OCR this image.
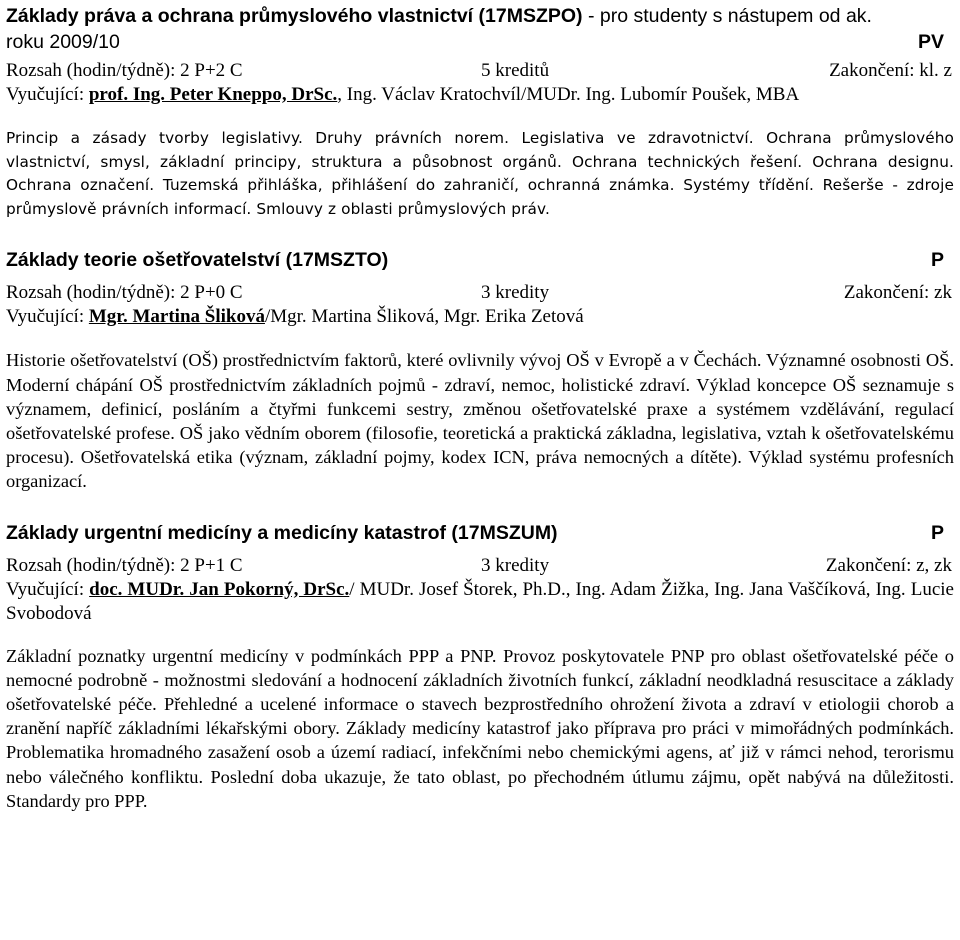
Základy práva a ochrana průmyslového vlastnictví (17MSZPO) - pro studenty s nástupem od ak. roku 2009/10	PV
Rozsah (hodin/týdně): 2 P+2 C	5 kreditů	Zakončení: kl. z
Vyučující: prof. Ing. Peter Kneppo, DrSc., Ing. Václav Kratochvíl/MUDr. Ing. Lubomír Poušek, MBA
Princip a zásady tvorby legislativy. Druhy právních norem. Legislativa ve zdravotnictví. Ochrana průmyslového vlastnictví, smysl, základní principy, struktura a působnost orgánů. Ochrana technických řešení. Ochrana designu. Ochrana označení. Tuzemská přihláška, přihlášení do zahraničí, ochranná známka. Systémy třídění. Rešerše - zdroje průmyslově právních informací. Smlouvy z oblasti průmyslových práv.
Základy teorie ošetřovatelství (17MSZTO)	P
Rozsah (hodin/týdně): 2 P+0 C	3 kredity	Zakončení: zk
Vyučující: Mgr. Martina Šliková/Mgr. Martina Šliková, Mgr. Erika Zetová
Historie ošetřovatelství (OŠ) prostřednictvím faktorů, které ovlivnily vývoj OŠ v Evropě a v Čechách. Významné osobnosti OŠ. Moderní chápání OŠ prostřednictvím základních pojmů - zdraví, nemoc, holistické zdraví. Výklad koncepce OŠ seznamuje s významem, definicí, posláním a čtyřmi funkcemi sestry, změnou ošetřovatelské praxe a systémem vzdělávání, regulací ošetřovatelské profese. OŠ jako vědním oborem (filosofie, teoretická a praktická základna, legislativa, vztah k ošetřovatelskému procesu). Ošetřovatelská etika (význam, základní pojmy, kodex ICN, práva nemocných a dítěte). Výklad systému profesních organizací.
Základy urgentní medicíny a medicíny katastrof (17MSZUM)	P
Rozsah (hodin/týdně): 2 P+1 C	3 kredity	Zakončení: z, zk
Vyučující: doc. MUDr. Jan Pokorný, DrSc./ MUDr. Josef Štorek, Ph.D., Ing. Adam Žižka, Ing. Jana Vaščíková, Ing. Lucie Svobodová
Základní poznatky urgentní medicíny v podmínkách PPP a PNP. Provoz poskytovatele PNP pro oblast ošetřovatelské péče o nemocné podrobně - možnostmi sledování a hodnocení základních životních funkcí, základní neodkladná resuscitace a základy ošetřovatelské péče. Přehledné a ucelené informace o stavech bezprostředního ohrožení života a zdraví v etiologii chorob a zranění napříč základními lékařskými obory. Základy medicíny katastrof jako příprava pro práci v mimořádných podmínkách. Problematika hromadného zasažení osob a území radiací, infekčními nebo chemickými agens, ať již v rámci nehod, terorismu nebo válečného konfliktu. Poslední doba ukazuje, že tato oblast, po přechodném útlumu zájmu, opět nabývá na důležitosti. Standardy pro PPP.
